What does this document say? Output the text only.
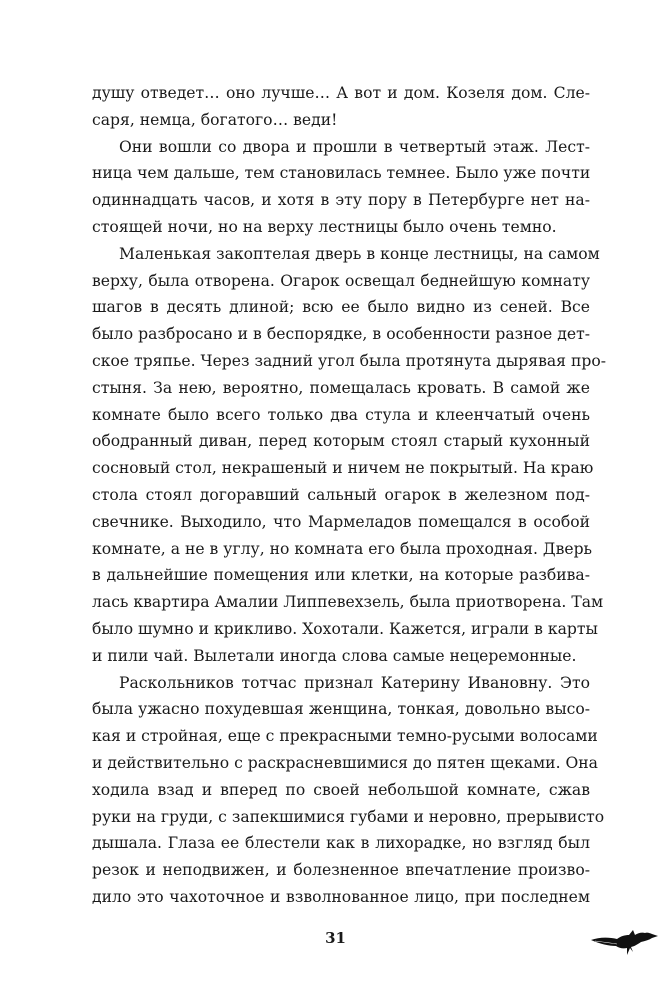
душу отведет… оно лучше… А вот и дом. Козеля дом. Сле-
саря, немца, богатого… веди!
Они вошли со двора и прошли в четвертый этаж. Лест-
ница чем дальше, тем становилась темнее. Было уже почти
одиннадцать часов, и хотя в эту пору в Петербурге нет на-
стоящей ночи, но на верху лестницы было очень темно.
Маленькая закоптелая дверь в конце лестницы, на самом
верху, была отворена. Огарок освещал беднейшую комнату
шагов в десять длиной; всю ее было видно из сеней. Все
было разбросано и в беспорядке, в особенности разное дет-
ское тряпье. Через задний угол была протянута дырявая про-
стыня. За нею, вероятно, помещалась кровать. В самой же
комнате было всего только два стула и клеенчатый очень
ободранный диван, перед которым стоял старый кухонный
сосновый стол, некрашеный и ничем не покрытый. На краю
стола стоял догоравший сальный огарок в железном под-
свечнике. Выходило, что Мармеладов помещался в особой
комнате, а не в углу, но комната его была проходная. Дверь
в дальнейшие помещения или клетки, на которые разбива-
лась квартира Амалии Липпевехзель, была приотворена. Там
было шумно и крикливо. Хохотали. Кажется, играли в карты
и пили чай. Вылетали иногда слова самые нецеремонные.
Раскольников тотчас признал Катерину Ивановну. Это
была ужасно похудевшая женщина, тонкая, довольно высо-
кая и стройная, еще с прекрасными темно-русыми волосами
и действительно с раскрасневшимися до пятен щеками. Она
ходила взад и вперед по своей небольшой комнате, сжав
руки на груди, с запекшимися губами и неровно, прерывисто
дышала. Глаза ее блестели как в лихорадке, но взгляд был
резок и неподвижен, и болезненное впечатление произво-
дило это чахоточное и взволнованное лицо, при последнем
31
